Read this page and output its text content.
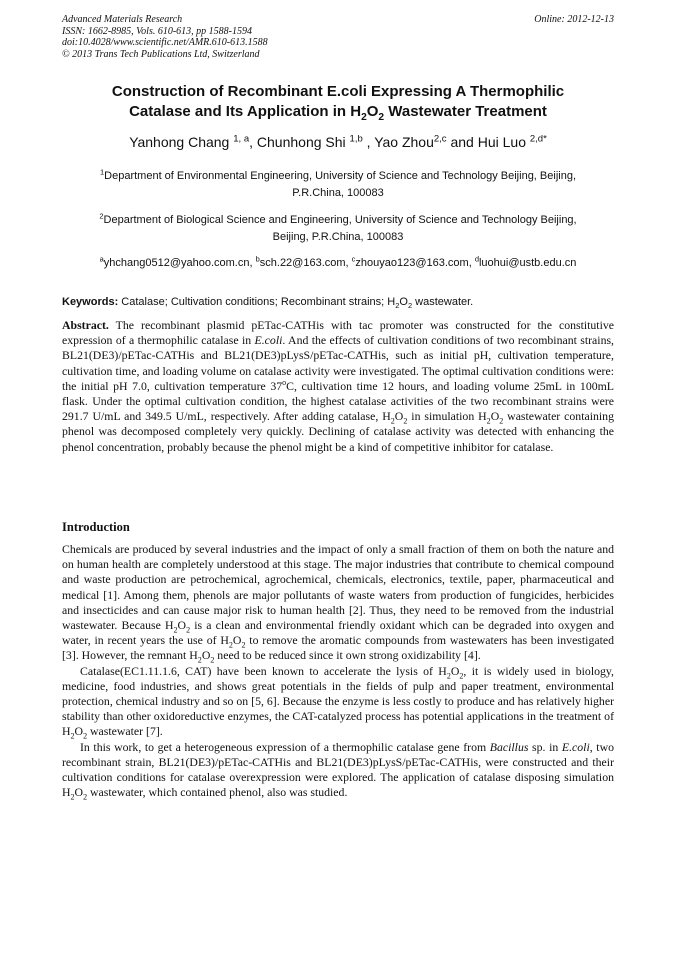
Advanced Materials Research
ISSN: 1662-8985, Vols. 610-613, pp 1588-1594
doi:10.4028/www.scientific.net/AMR.610-613.1588
© 2013 Trans Tech Publications Ltd, Switzerland
Online: 2012-12-13
Construction of Recombinant E.coli Expressing A Thermophilic
Catalase and Its Application in $H_2O_2$ Wastewater Treatment
Yanhong Chang $^{1, a}$, Chunhong Shi $^{1,b}$ , Yao Zhou$^{2,c}$ and Hui Luo $^{2,d*}$
$^1$Department of Environmental Engineering, University of Science and Technology Beijing, Beijing,
P.R.China, 100083
$^2$Department of Biological Science and Engineering, University of Science and Technology Beijing,
Beijing, P.R.China, 100083
$^a$yhchang0512@yahoo.com.cn, $^b$sch.22@163.com, $^c$zhouyao123@163.com, $^d$luohui@ustb.edu.cn
Keywords: Catalase; Cultivation conditions; Recombinant strains; $H_2O_2$ wastewater.
Abstract. The recombinant plasmid pETac-CATHis with tac promoter was constructed for the constitutive expression of a thermophilic catalase in E.coli. And the effects of cultivation conditions of two recombinant strains, BL21(DE3)/pETac-CATHis and BL21(DE3)pLysS/pETac-CATHis, such as initial pH, cultivation temperature, cultivation time, and loading volume on catalase activity were investigated. The optimal cultivation conditions were: the initial pH 7.0, cultivation temperature 37$^o$C, cultivation time 12 hours, and loading volume 25mL in 100mL flask. Under the optimal cultivation condition, the highest catalase activities of the two recombinant strains were 291.7 U/mL and 349.5 U/mL, respectively. After adding catalase, $H_2O_2$ in simulation $H_2O_2$ wastewater containing phenol was decomposed completely very quickly. Declining of catalase activity was detected with enhancing the phenol concentration, probably because the phenol might be a kind of competitive inhibitor for catalase.
Introduction

Chemicals are produced by several industries and the impact of only a small fraction of them on both the nature and on human health are completely understood at this stage. The major industries that contribute to chemical compound and waste production are petrochemical, agrochemical, chemicals, electronics, textile, paper, pharmaceutical and medical [1]. Among them, phenols are major pollutants of waste waters from production of fungicides, herbicides and insecticides and can cause major risk to human health [2]. Thus, they need to be removed from the industrial wastewater. Because $H_2O_2$ is a clean and environmental friendly oxidant which can be degraded into oxygen and water, in recent years the use of $H_2O_2$ to remove the aromatic compounds from wastewaters has been investigated [3]. However, the remnant $H_2O_2$ need to be reduced since it own strong oxidizability [4].

Catalase(EC1.11.1.6, CAT) have been known to accelerate the lysis of $H_2O_2$, it is widely used in biology, medicine, food industries, and shows great potentials in the fields of pulp and paper treatment, environmental protection, chemical industry and so on [5, 6]. Because the enzyme is less costly to produce and has relatively higher stability than other oxidoreductive enzymes, the CAT-catalyzed process has potential applications in the treatment of $H_2O_2$ wastewater [7].

In this work, to get a heterogeneous expression of a thermophilic catalase gene from Bacillus sp. in E.coli, two recombinant strain, BL21(DE3)/pETac-CATHis and BL21(DE3)pLysS/pETac-CATHis, were constructed and their cultivation conditions for catalase overexpression were explored. The application of catalase disposing simulation $H_2O_2$ wastewater, which contained phenol, also was studied.
